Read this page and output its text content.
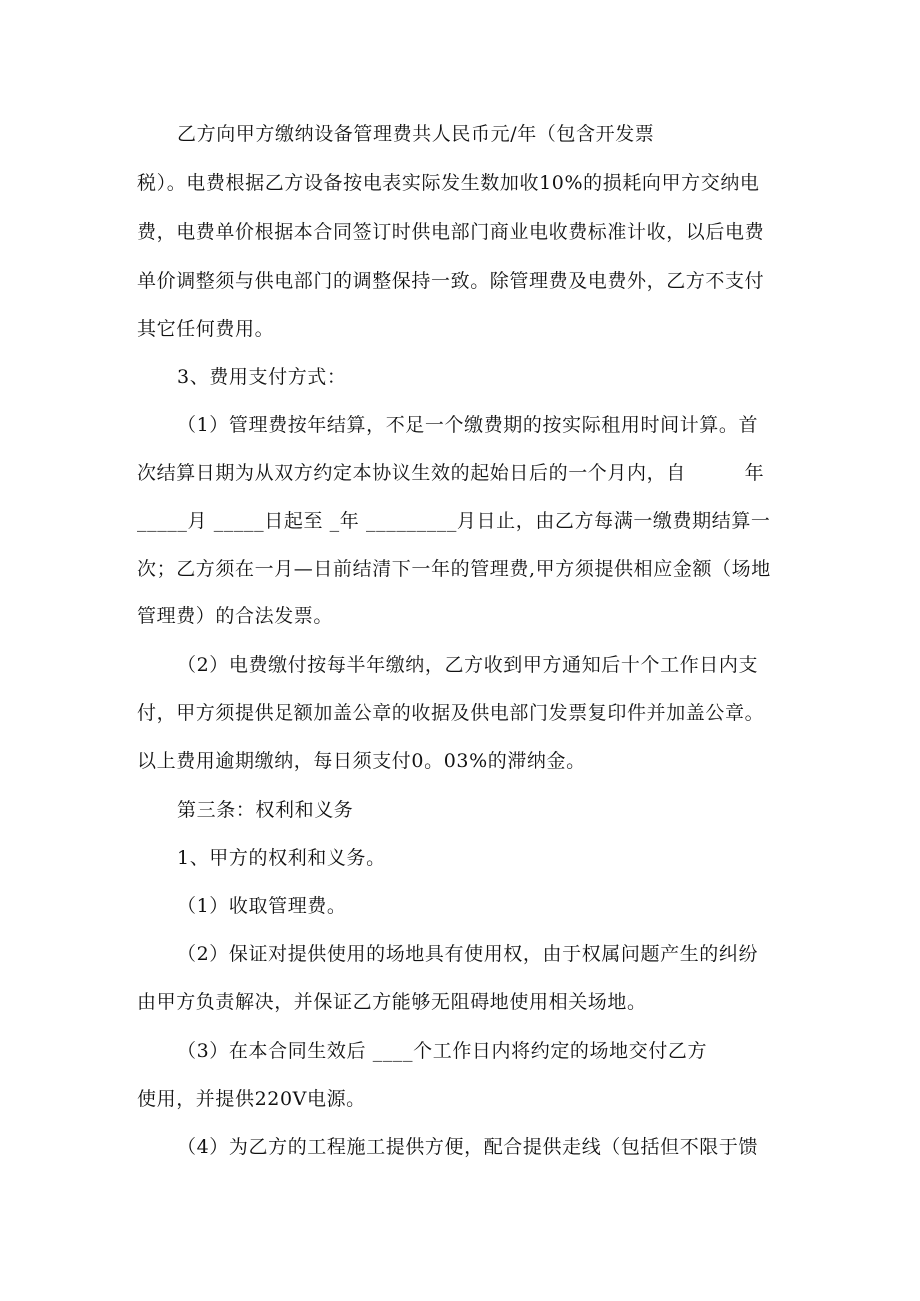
乙方向甲方缴纳设备管理费共人民币元/年（包含开发票
税）。电费根据乙方设备按电表实际发生数加收10%的损耗向甲方交纳电
费，电费单价根据本合同签订时供电部门商业电收费标准计收，以后电费
单价调整须与供电部门的调整保持一致。除管理费及电费外，乙方不支付
其它任何费用。
3、费用支付方式：
（1）管理费按年结算，不足一个缴费期的按实际租用时间计算。首
次结算日期为从双方约定本协议生效的起始日后的一个月内，自　　　年
_____月 _____日起至 _年 _________月日止，由乙方每满一缴费期结算一
次；乙方须在一月—日前结清下一年的管理费,甲方须提供相应金额（场地
管理费）的合法发票。
（2）电费缴付按每半年缴纳，乙方收到甲方通知后十个工作日内支
付，甲方须提供足额加盖公章的收据及供电部门发票复印件并加盖公章。
以上费用逾期缴纳，每日须支付0。03%的滞纳金。
第三条：权利和义务
1、甲方的权利和义务。
（1）收取管理费。
（2）保证对提供使用的场地具有使用权，由于权属问题产生的纠纷
由甲方负责解决，并保证乙方能够无阻碍地使用相关场地。
（3）在本合同生效后 ____个工作日内将约定的场地交付乙方
使用，并提供220V电源。
（4）为乙方的工程施工提供方便，配合提供走线（包括但不限于馈
